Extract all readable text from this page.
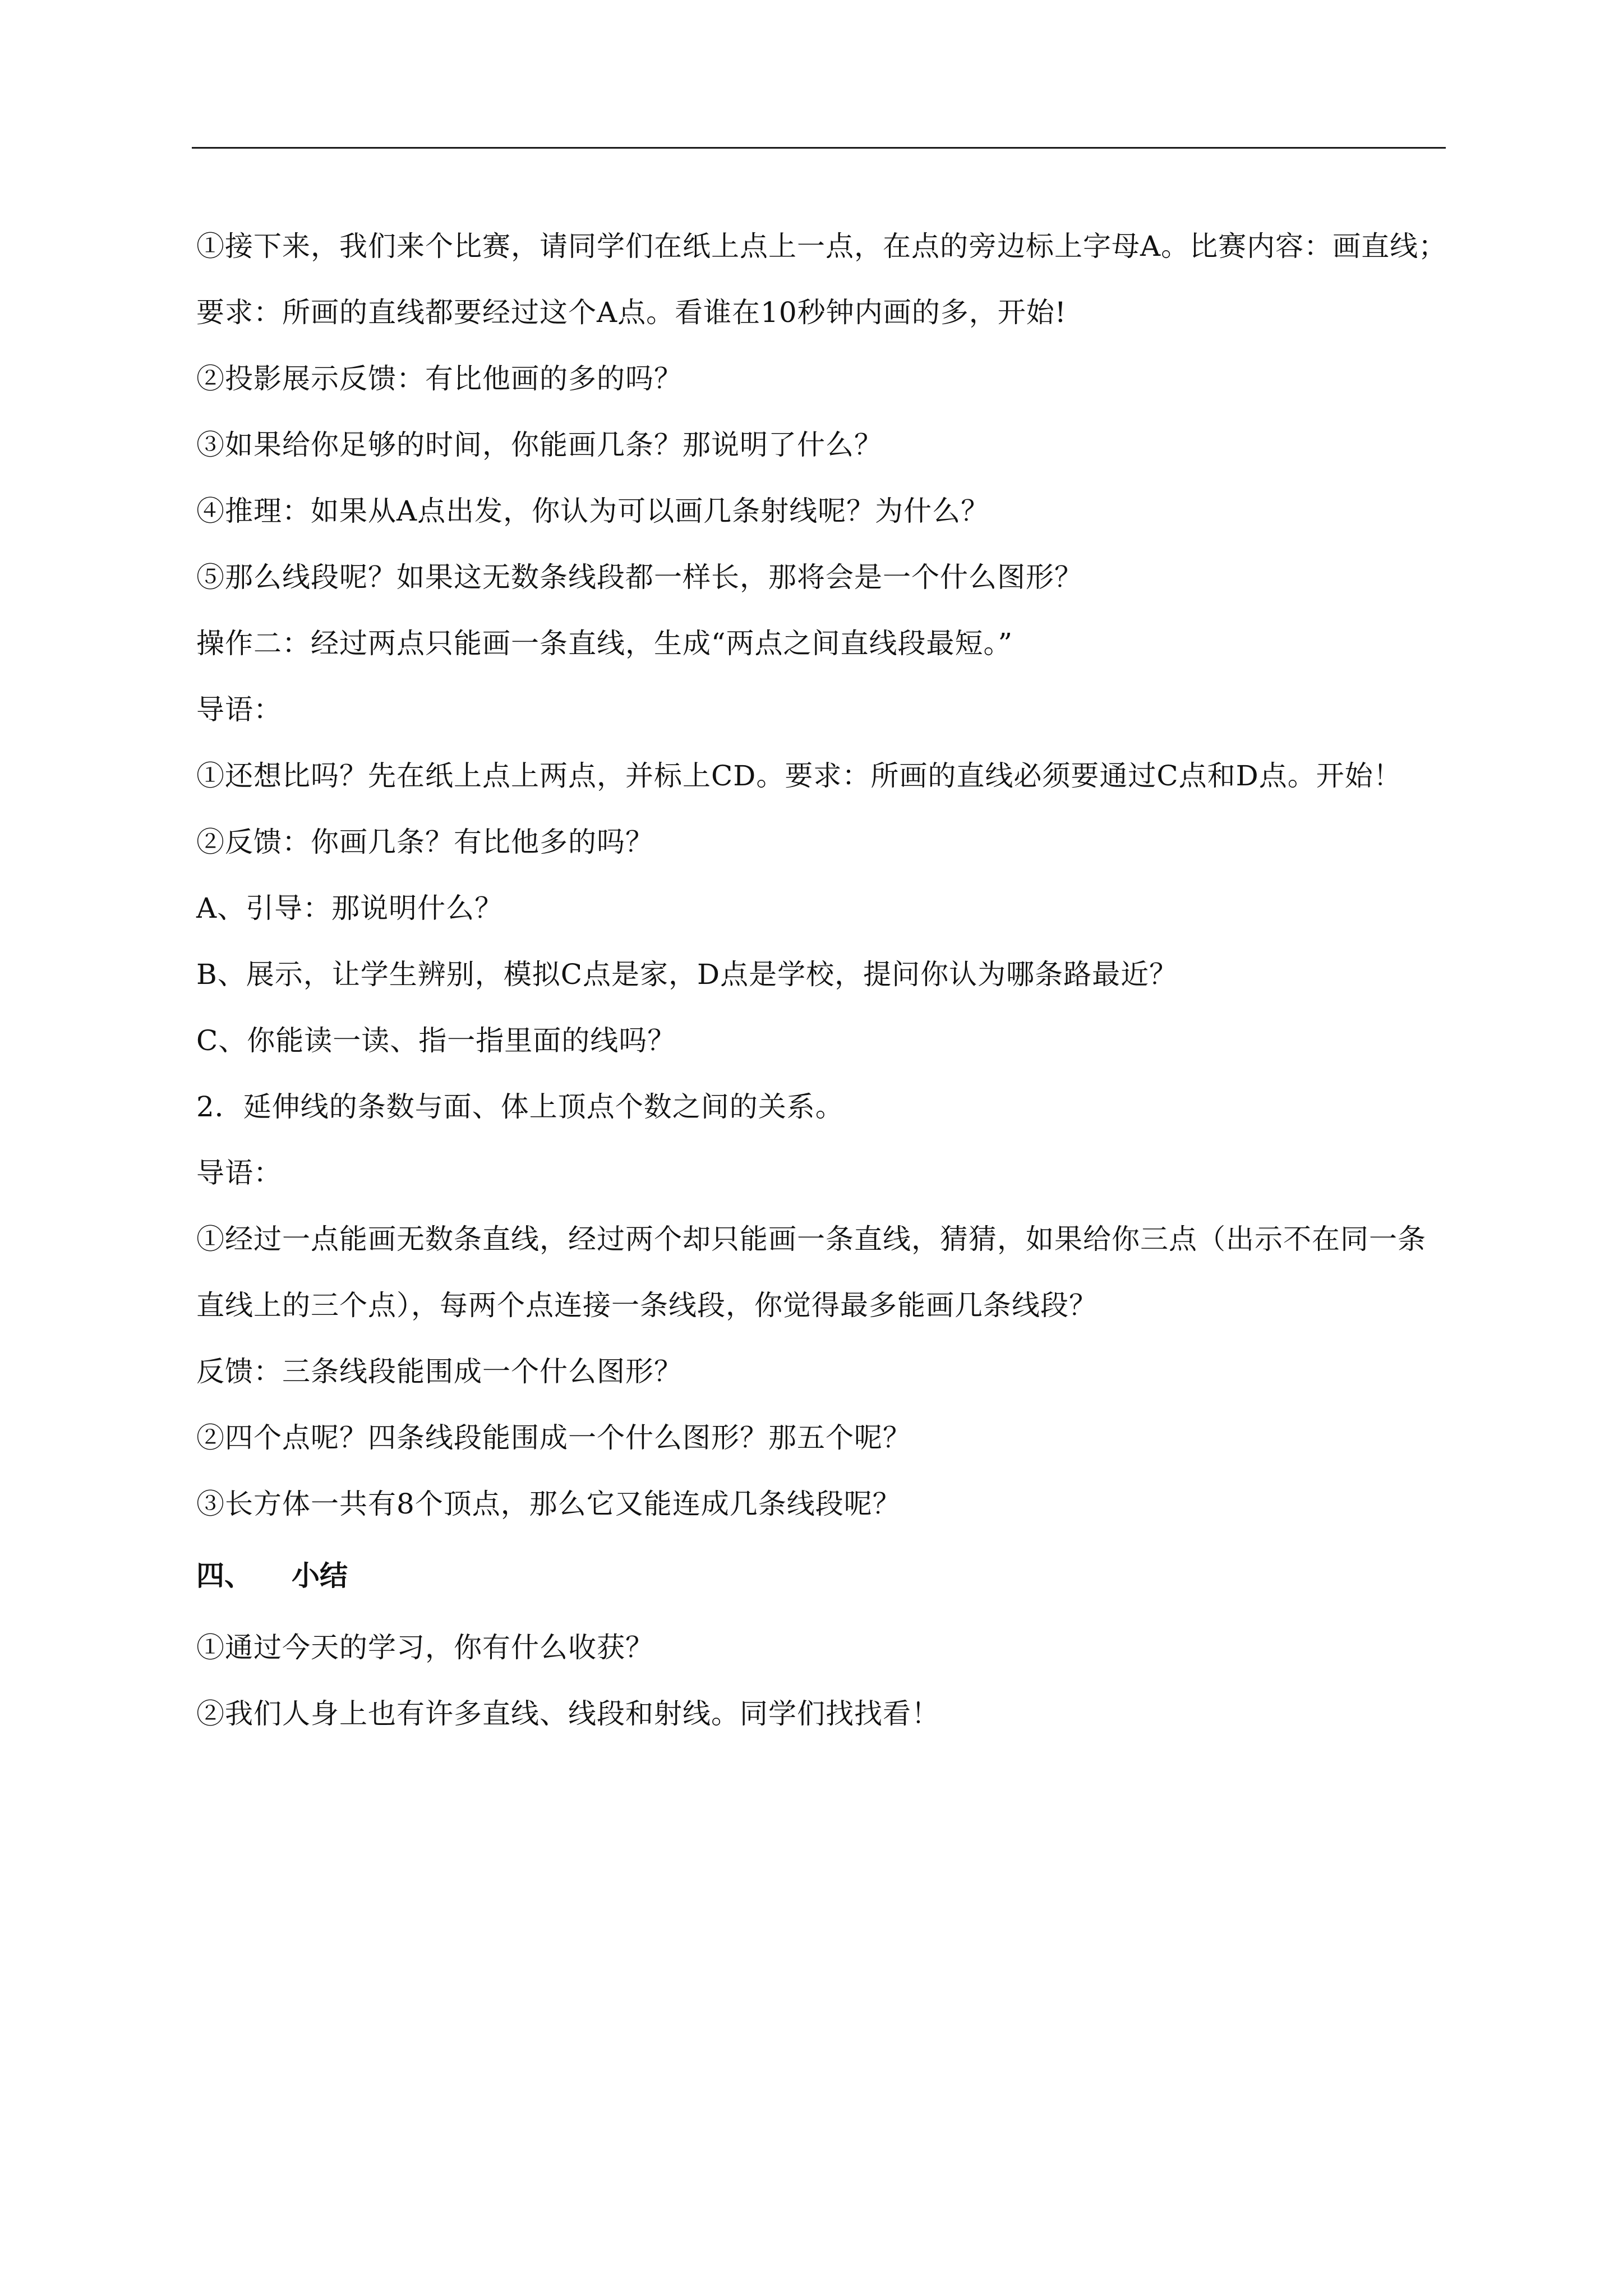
①接下来，我们来个比赛，请同学们在纸上点上一点，在点的旁边标上字母A。比赛内容：画直线；
要求：所画的直线都要经过这个A点。看谁在10秒钟内画的多，开始!
②投影展示反馈：有比他画的多的吗？
③如果给你足够的时间，你能画几条？那说明了什么？
④推理：如果从A点出发，你认为可以画几条射线呢？为什么？
⑤那么线段呢？如果这无数条线段都一样长，那将会是一个什么图形？
操作二：经过两点只能画一条直线，生成“两点之间直线段最短。”
导语：
①还想比吗？先在纸上点上两点，并标上CD。要求：所画的直线必须要通过C点和D点。开始！
②反馈：你画几条？有比他多的吗？
A、引导：那说明什么？
B、展示，让学生辨别，模拟C点是家，D点是学校，提问你认为哪条路最近？
C、你能读一读、指一指里面的线吗？
2．延伸线的条数与面、体上顶点个数之间的关系。
导语：
①经过一点能画无数条直线，经过两个却只能画一条直线，猜猜，如果给你三点（出示不在同一条
直线上的三个点），每两个点连接一条线段，你觉得最多能画几条线段？
反馈：三条线段能围成一个什么图形？
②四个点呢？四条线段能围成一个什么图形？那五个呢？
③长方体一共有8个顶点，那么它又能连成几条线段呢？
四、 小结
①通过今天的学习，你有什么收获？
②我们人身上也有许多直线、线段和射线。同学们找找看！
